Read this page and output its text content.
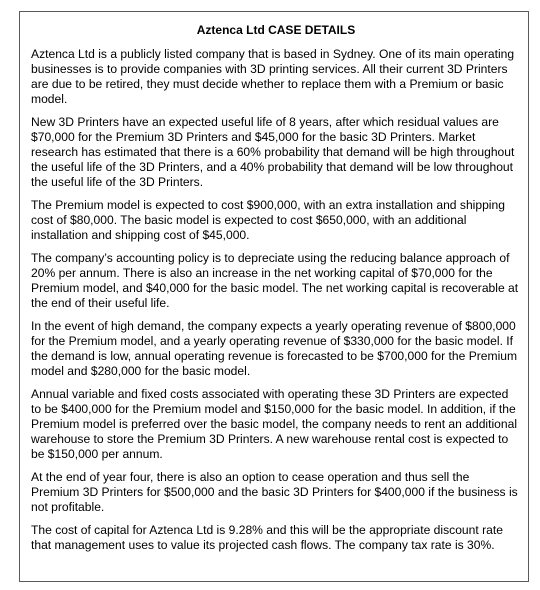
Aztenca Ltd CASE DETAILS

Aztenca Ltd is a publicly listed company that is based in Sydney. One of its main operating businesses is to provide companies with 3D printing services. All their current 3D Printers are due to be retired, they must decide whether to replace them with a Premium or basic model.

New 3D Printers have an expected useful life of 8 years, after which residual values are $70,000 for the Premium 3D Printers and $45,000 for the basic 3D Printers. Market research has estimated that there is a 60% probability that demand will be high throughout the useful life of the 3D Printers, and a 40% probability that demand will be low throughout the useful life of the 3D Printers.

The Premium model is expected to cost $900,000, with an extra installation and shipping cost of $80,000. The basic model is expected to cost $650,000, with an additional installation and shipping cost of $45,000.

The company’s accounting policy is to depreciate using the reducing balance approach of 20% per annum. There is also an increase in the net working capital of $70,000 for the Premium model, and $40,000 for the basic model. The net working capital is recoverable at the end of their useful life.

In the event of high demand, the company expects a yearly operating revenue of $800,000 for the Premium model, and a yearly operating revenue of $330,000 for the basic model. If the demand is low, annual operating revenue is forecasted to be $700,000 for the Premium model and $280,000 for the basic model.

Annual variable and fixed costs associated with operating these 3D Printers are expected to be $400,000 for the Premium model and $150,000 for the basic model. In addition, if the Premium model is preferred over the basic model, the company needs to rent an additional warehouse to store the Premium 3D Printers. A new warehouse rental cost is expected to be $150,000 per annum.

At the end of year four, there is also an option to cease operation and thus sell the Premium 3D Printers for $500,000 and the basic 3D Printers for $400,000 if the business is not profitable.

The cost of capital for Aztenca Ltd is 9.28% and this will be the appropriate discount rate that management uses to value its projected cash flows. The company tax rate is 30%.
